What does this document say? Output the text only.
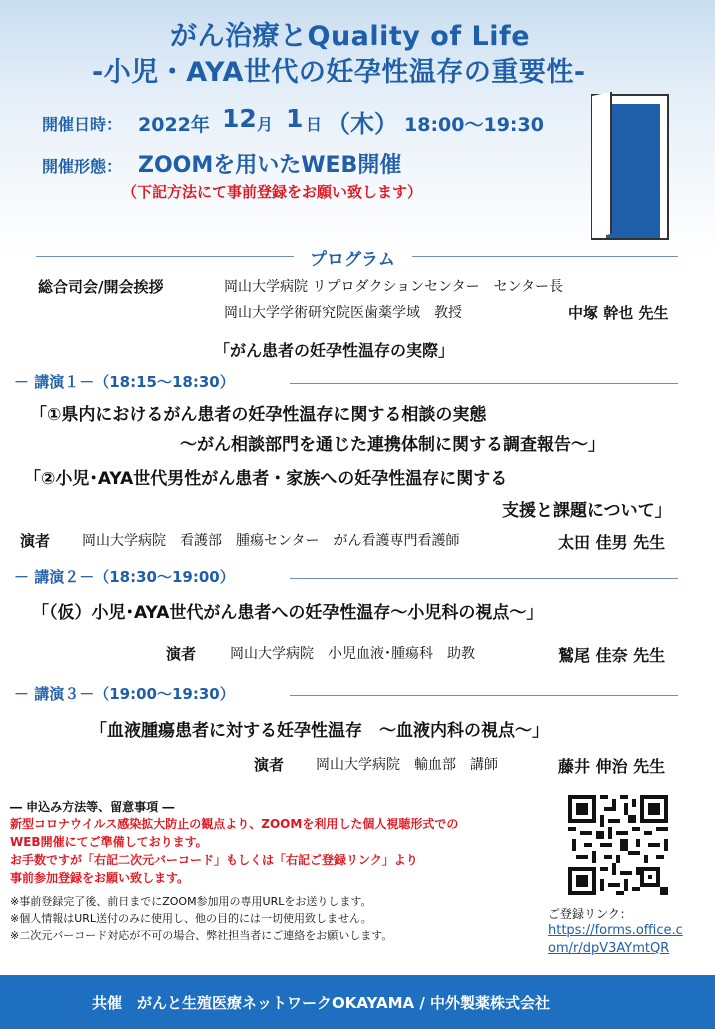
がん治療とQuality of Life
-小児・AYA世代の妊孕性温存の重要性-
開催日時： 2022年 12 月 1 日 （木） 18:00～19:30
開催形態： ZOOMを用いたWEB開催
（下記方法にて事前登録をお願い致します）
プログラム
総合司会/開会挨拶	岡山大学病院 リプロダクションセンター　センター長
岡山大学学術研究院医歯薬学域　教授	中塚 幹也 先生
「がん患者の妊孕性温存の実際」
－ 講演１－（18:15～18:30）
「①県内におけるがん患者の妊孕性温存に関する相談の実態
～がん相談部門を通じた連携体制に関する調査報告～」
「②小児･AYA世代男性がん患者・家族への妊孕性温存に関する
支援と課題について」
演者 岡山大学病院　看護部　腫瘍センター　がん看護専門看護師	太田 佳男 先生
－ 講演２－（18:30～19:00）
「（仮）小児･AYA世代がん患者への妊孕性温存～小児科の視点～」
演者 岡山大学病院　小児血液･腫瘍科　助教	鷲尾 佳奈 先生
－ 講演３－（19:00～19:30）
「血液腫瘍患者に対する妊孕性温存　～血液内科の視点～」
演者 岡山大学病院　輸血部　講師	藤井 伸治 先生
― 申込み方法等、留意事項 ―
新型コロナウイルス感染拡大防止の観点より、ZOOMを利用した個人視聴形式での
WEB開催にてご準備しております。
お手数ですが「右記二次元バーコード」もしくは「右記ご登録リンク」より
事前参加登録をお願い致します。
※事前登録完了後、前日までにZOOM参加用の専用URLをお送りします。
※個人情報はURL送付のみに使用し、他の目的には一切使用致しません。
※二次元バーコード対応が不可の場合、弊社担当者にご連絡をお願いします。
ご登録リンク：
https://forms.office.c
om/r/dpV3AYmtQR
共催　がんと生殖医療ネットワークOKAYAMA / 中外製薬株式会社
